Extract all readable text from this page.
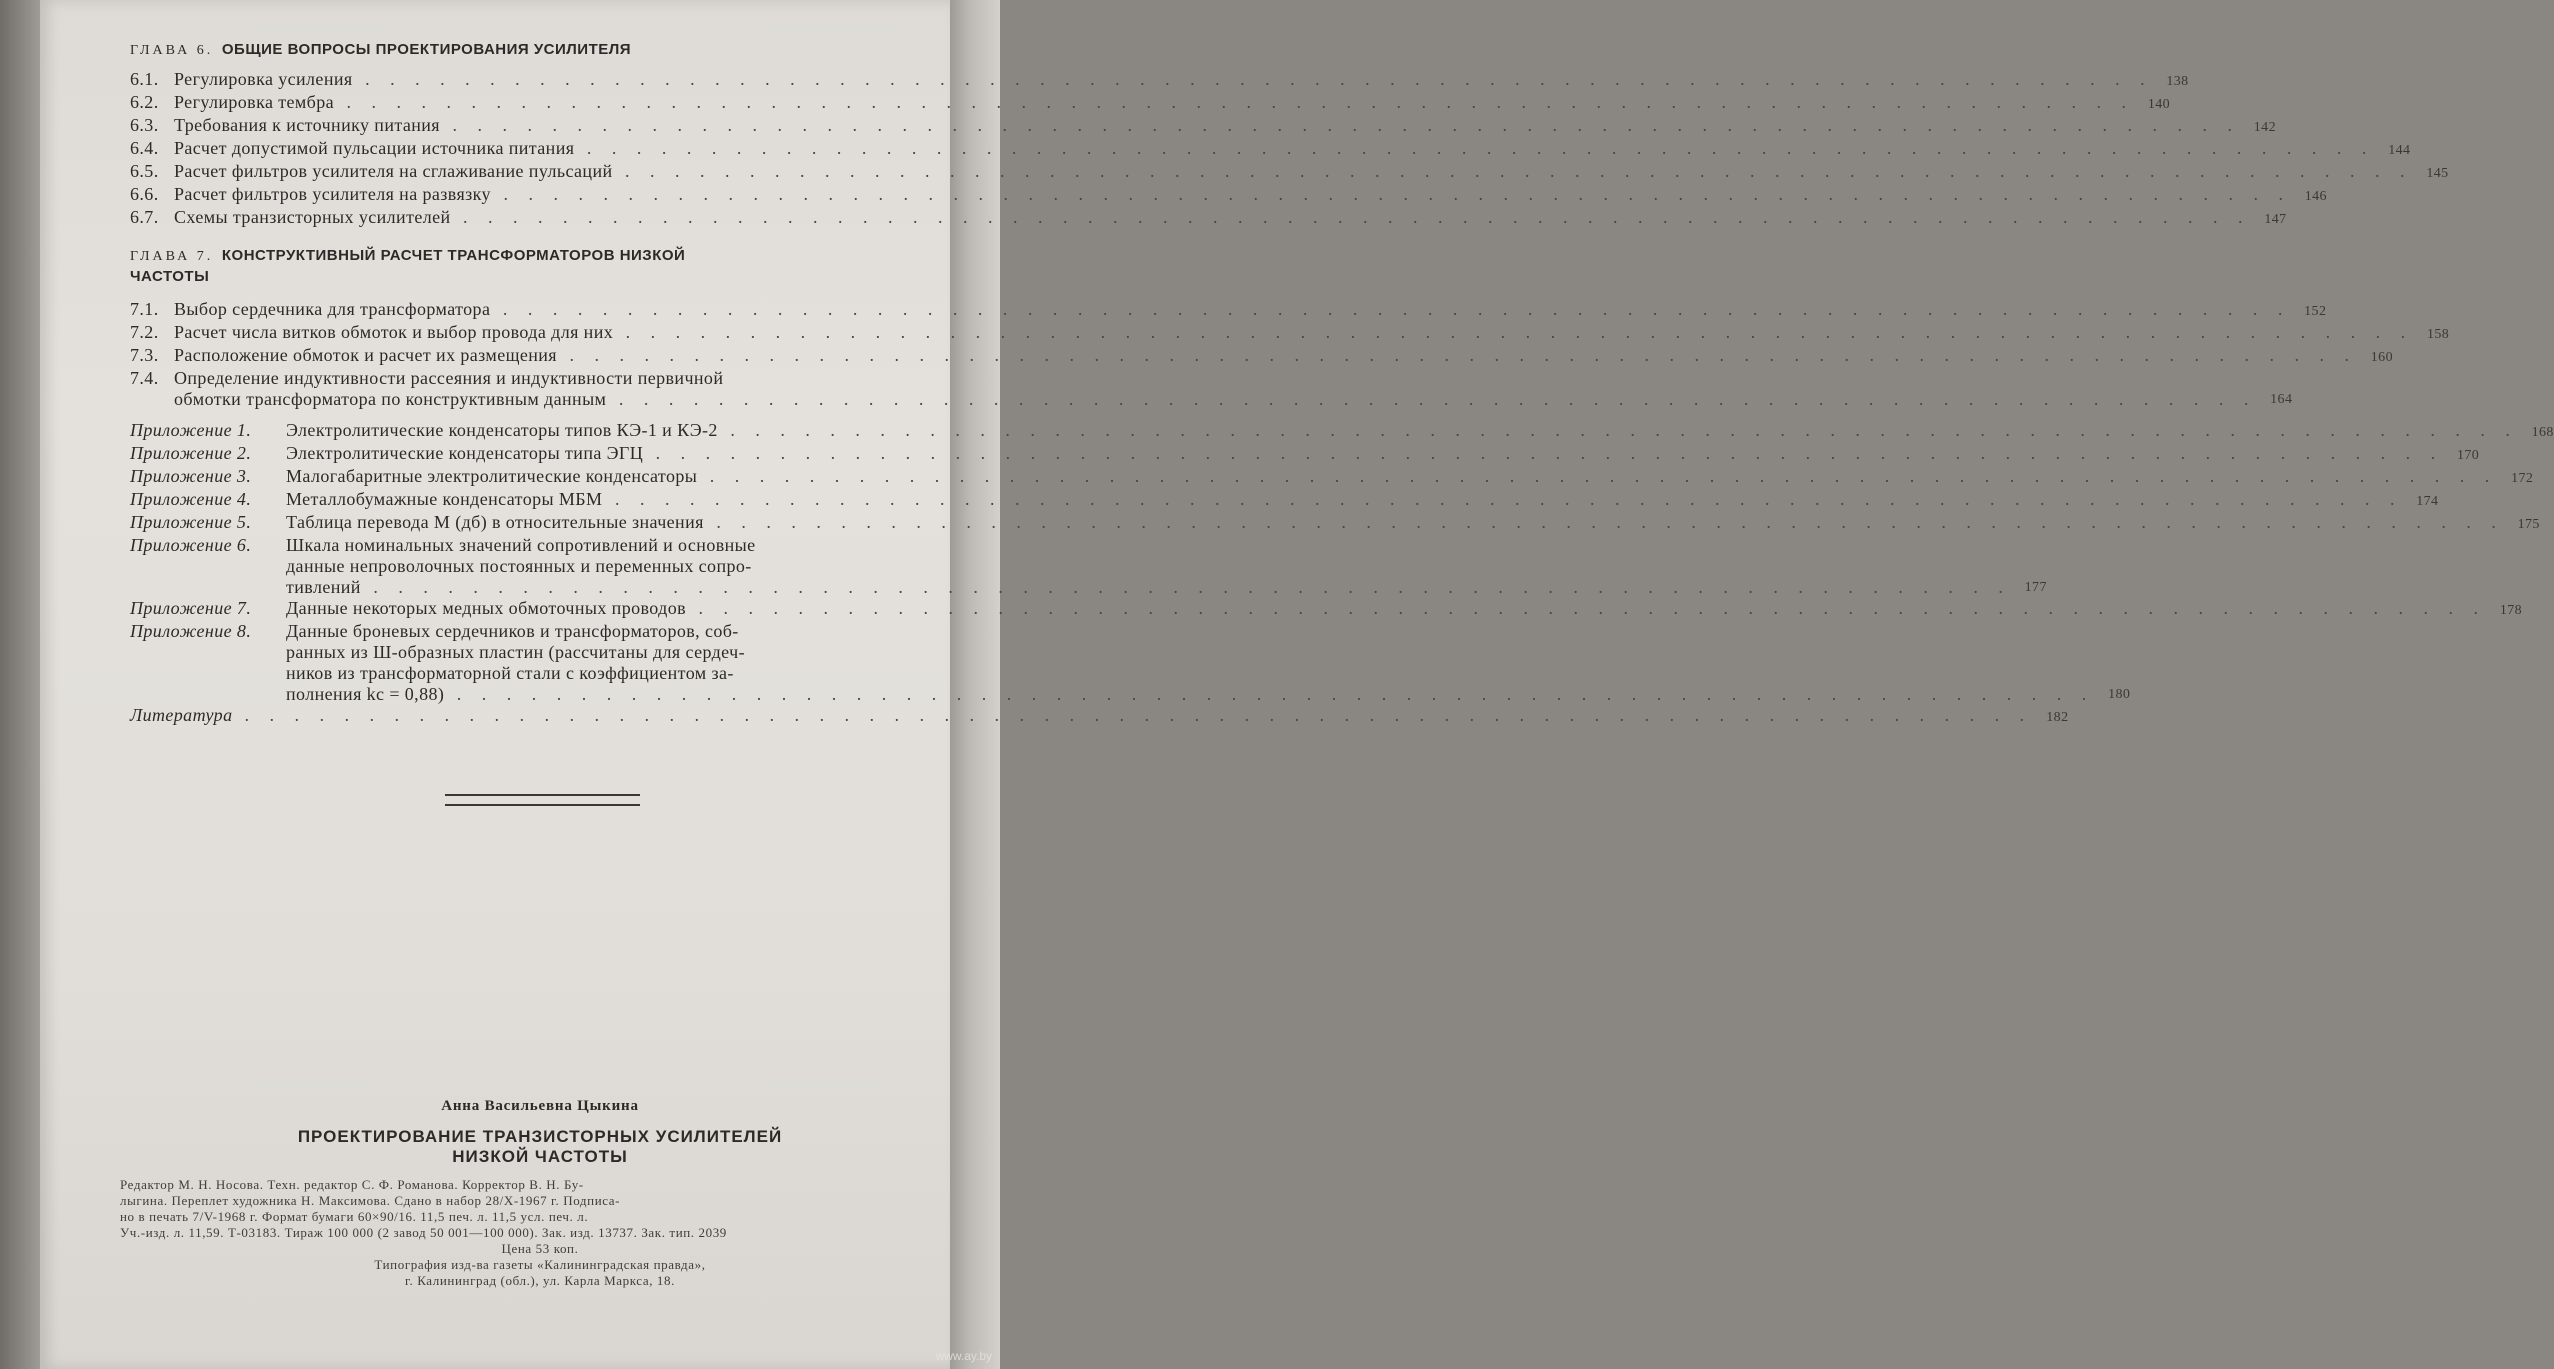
ГЛАВА 6. ОБЩИЕ ВОПРОСЫ ПРОЕКТИРОВАНИЯ УСИЛИТЕЛЯ
6.1. Регулировка усиления . . .	138
6.2. Регулировка тембра . . .	140
6.3. Требования к источнику питания . . .	142
6.4. Расчет допустимой пульсации источника питания . . .	144
6.5. Расчет фильтров усилителя на сглаживание пульсаций . . .	145
6.6. Расчет фильтров усилителя на развязку . . .	146
6.7. Схемы транзисторных усилителей . . .	147
ГЛАВА 7. КОНСТРУКТИВНЫЙ РАСЧЕТ ТРАНСФОРМАТОРОВ НИЗКОЙ
ЧАСТОТЫ
7.1. Выбор сердечника для трансформатора . . .	152
7.2. Расчет числа витков обмоток и выбор провода для них . . .	158
7.3. Расположение обмоток и расчет их размещения . . .	160
7.4. Определение индуктивности рассеяния и индуктивности первичной
обмотки трансформатора по конструктивным данным . . .	164
Приложение 1.	Электролитические конденсаторы типов КЭ-1 и КЭ-2 . . .	168
Приложение 2.	Электролитические конденсаторы типа ЭГЦ . . .	170
Приложение 3.	Малогабаритные электролитические конденсаторы . . .	172
Приложение 4.	Металлобумажные конденсаторы МБМ . . .	174
Приложение 5.	Таблица перевода M (дб) в относительные значения . . .	175
Приложение 6.	Шкала номинальных значений сопротивлений и основные
данные непроволочных постоянных и переменных сопро-
тивлений . . .	177
Приложение 7.	Данные некоторых медных обмоточных проводов . . .	178
Приложение 8.	Данные броневых сердечников и трансформаторов, соб-
ранных из Ш-образных пластин (рассчитаны для сердеч-
ников из трансформаторной стали с коэффициентом за-
полнения kс = 0,88) . . .	180
Литература . . .	182
Анна Васильевна Цыкина
ПРОЕКТИРОВАНИЕ ТРАНЗИСТОРНЫХ УСИЛИТЕЛЕЙ
НИЗКОЙ ЧАСТОТЫ
Редактор М. Н. Носова. Техн. редактор С. Ф. Романова. Корректор В. Н. Бу-
лыгина. Переплет художника Н. Максимова. Сдано в набор 28/X-1967 г. Подписа-
но в печать 7/V-1968 г. Формат бумаги 60×90/16. 11,5 печ. л. 11,5 усл. печ. л.
Уч.-изд. л. 11,59. Т-03183. Тираж 100 000 (2 завод 50 001—100 000). Зак. изд. 13737. Зак. тип. 2039
Цена 53 коп.
Типография изд-ва газеты «Калининградская правда»,
г. Калининград (обл.), ул. Карла Маркса, 18.
www.ay.by
